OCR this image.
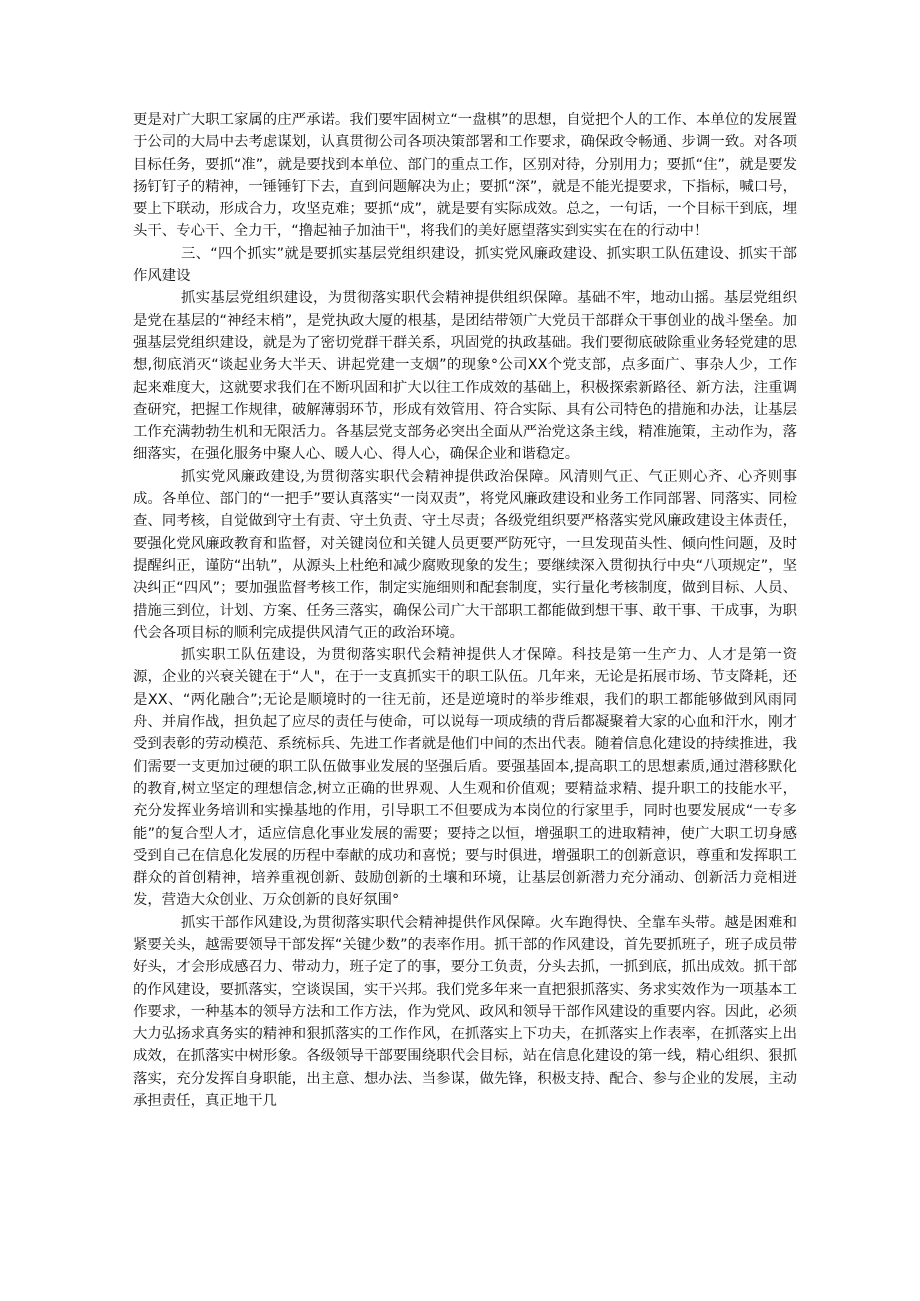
更是对广大职工家属的庄严承诺。我们要牢固树立“一盘棋”的思想，自觉把个人的工作、本单位的发展置于公司的大局中去考虑谋划，认真贯彻公司各项决策部署和工作要求，确保政令畅通、步调一致。对各项目标任务，要抓“准”，就是要找到本单位、部门的重点工作，区别对待，分别用力；要抓“住”，就是要发扬钉钉子的精神，一锤锤钉下去，直到问题解决为止；要抓“深”，就是不能光提要求，下指标，喊口号，要上下联动，形成合力，攻坚克难；要抓“成”，就是要有实际成效。总之，一句话，一个目标干到底，埋头干、专心干、全力干，“撸起袖子加油干"，将我们的美好愿望落实到实实在在的行动中！

三、“四个抓实”就是要抓实基层党组织建设，抓实党风廉政建设、抓实职工队伍建设、抓实干部作风建设

抓实基层党组织建设，为贯彻落实职代会精神提供组织保障。基础不牢，地动山摇。基层党组织是党在基层的“神经末梢”，是党执政大厦的根基，是团结带领广大党员干部群众干事创业的战斗堡垒。加强基层党组织建设，就是为了密切党群干群关系，巩固党的执政基础。我们要彻底破除重业务轻党建的思想,彻底消灭“谈起业务大半天、讲起党建一支烟”的现象°公司XX个党支部，点多面广、事杂人少，工作起来难度大，这就要求我们在不断巩固和扩大以往工作成效的基础上，积极探索新路径、新方法，注重调查研究，把握工作规律，破解薄弱环节，形成有效管用、符合实际、具有公司特色的措施和办法，让基层工作充满勃勃生机和无限活力。各基层党支部务必突出全面从严治党这条主线，精准施策，主动作为，落细落实，在强化服务中聚人心、暖人心、得人心，确保企业和谐稳定。

抓实党风廉政建设,为贯彻落实职代会精神提供政治保障。风清则气正、气正则心齐、心齐则事成。各单位、部门的“一把手”要认真落实“一岗双责”，将党风廉政建设和业务工作同部署、同落实、同检查、同考核，自觉做到守土有责、守土负责、守土尽责；各级党组织要严格落实党风廉政建设主体责任，要强化党风廉政教育和监督，对关键岗位和关键人员更要严防死守，一旦发现苗头性、倾向性问题，及时提醒纠正，谨防“出轨”，从源头上杜绝和减少腐败现象的发生；要继续深入贯彻执行中央“八项规定”，坚决纠正“四风”；要加强监督考核工作，制定实施细则和配套制度，实行量化考核制度，做到目标、人员、措施三到位，计划、方案、任务三落实，确保公司广大干部职工都能做到想干事、敢干事、干成事，为职代会各项目标的顺利完成提供风清气正的政治环境。

抓实职工队伍建设，为贯彻落实职代会精神提供人才保障。科技是第一生产力、人才是第一资源，企业的兴衰关键在于“人"，在于一支真抓实干的职工队伍。几年来，无论是拓展市场、节支降耗，还是XX、“两化融合”;无论是顺境时的一往无前，还是逆境时的举步维艰，我们的职工都能够做到风雨同舟、并肩作战，担负起了应尽的责任与使命，可以说每一项成绩的背后都凝聚着大家的心血和汗水，刚才受到表彰的劳动模范、系统标兵、先进工作者就是他们中间的杰出代表。随着信息化建设的持续推进，我们需要一支更加过硬的职工队伍做事业发展的坚强后盾。要强基固本,提高职工的思想素质,通过潜移默化的教育,树立坚定的理想信念,树立正确的世界观、人生观和价值观；要精益求精、提升职工的技能水平，充分发挥业务培训和实操基地的作用，引导职工不但要成为本岗位的行家里手，同时也要发展成“一专多能”的复合型人才，适应信息化事业发展的需要；要持之以恒，增强职工的进取精神，使广大职工切身感受到自己在信息化发展的历程中奉献的成功和喜悦；要与时俱进，增强职工的创新意识，尊重和发挥职工群众的首创精神，培养重视创新、鼓励创新的土壤和环境，让基层创新潜力充分涌动、创新活力竞相迸发，营造大众创业、万众创新的良好氛围°

抓实干部作风建设,为贯彻落实职代会精神提供作风保障。火车跑得快、全靠车头带。越是困难和紧要关头，越需要领导干部发挥“关键少数”的表率作用。抓干部的作风建设，首先要抓班子，班子成员带好头，才会形成感召力、带动力，班子定了的事，要分工负责，分头去抓，一抓到底，抓出成效。抓干部的作风建设，要抓落实，空谈误国，实干兴邦。我们党多年来一直把狠抓落实、务求实效作为一项基本工作要求，一种基本的领导方法和工作方法，作为党风、政风和领导干部作风建设的重要内容。因此，必须大力弘扬求真务实的精神和狠抓落实的工作作风，在抓落实上下功夫，在抓落实上作表率，在抓落实上出成效，在抓落实中树形象。各级领导干部要围绕职代会目标，站在信息化建设的第一线，精心组织、狠抓落实，充分发挥自身职能，出主意、想办法、当参谋，做先锋，积极支持、配合、参与企业的发展，主动承担责任，真正地干几
